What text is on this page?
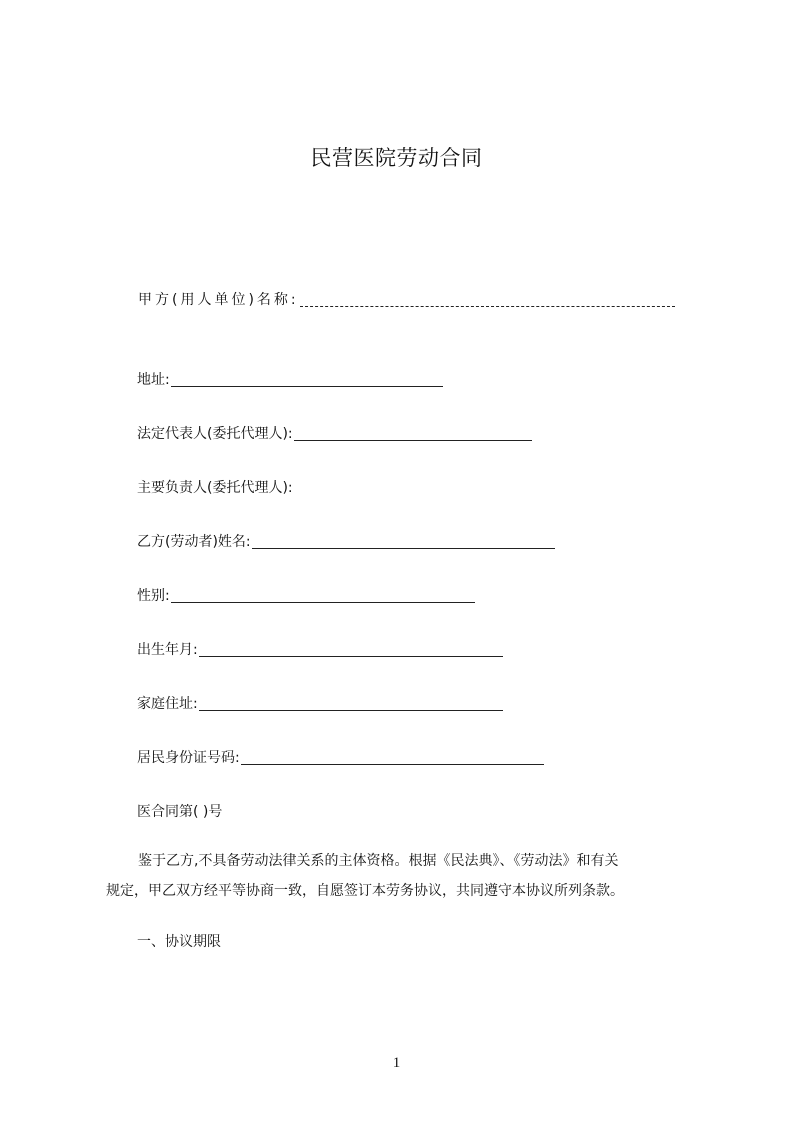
民营医院劳动合同
甲方(用人单位)名称:
地址:
法定代表人(委托代理人):
主要负责人(委托代理人):
乙方(劳动者)姓名:
性别:
出生年月:
家庭住址:
居民身份证号码:
医合同第( )号
鉴于乙方,不具备劳动法律关系的主体资格。根据《民法典》、《劳动法》和有关
规定，甲乙双方经平等协商一致，自愿签订本劳务协议，共同遵守本协议所列条款。
一、协议期限
1
